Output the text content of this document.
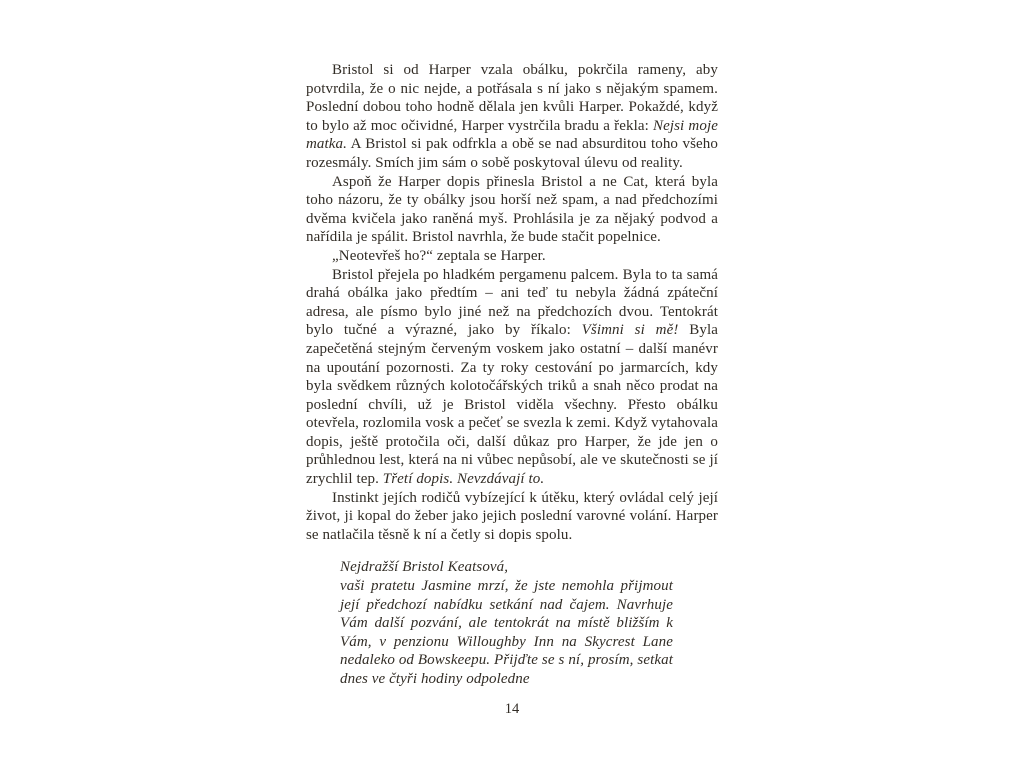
Bristol si od Harper vzala obálku, pokrčila rameny, aby potvrdila, že o nic nejde, a potřásala s ní jako s nějakým spamem. Poslední dobou toho hodně dělala jen kvůli Harper. Pokaždé, když to bylo až moc očividné, Harper vystrčila bradu a řekla: Nejsi moje matka. A Bristol si pak odfrkla a obě se nad absurditou toho všeho rozesmály. Smích jim sám o sobě poskytoval úlevu od reality.

Aspoň že Harper dopis přinesla Bristol a ne Cat, která byla toho názoru, že ty obálky jsou horší než spam, a nad předchozími dvěma kvičela jako raněná myš. Prohlásila je za nějaký podvod a nařídila je spálit. Bristol navrhla, že bude stačit popelnice.

„Neotevřeš ho?“ zeptala se Harper.

Bristol přejela po hladkém pergamenu palcem. Byla to ta samá drahá obálka jako předtím – ani teď tu nebyla žádná zpáteční adresa, ale písmo bylo jiné než na předchozích dvou. Tentokrát bylo tučné a výrazné, jako by říkalo: Všimni si mě! Byla zapečetěná stejným červeným voskem jako ostatní – další manévr na upoutání pozornosti. Za ty roky cestování po jarmarcích, kdy byla svědkem různých kolotočářských triků a snah něco prodat na poslední chvíli, už je Bristol viděla všechny. Přesto obálku otevřela, rozlomila vosk a pečeť se svezla k zemi. Když vytahovala dopis, ještě protočila oči, další důkaz pro Harper, že jde jen o průhlednou lest, která na ni vůbec nepůsobí, ale ve skutečnosti se jí zrychlil tep. Třetí dopis. Nevzdávají to.

Instinkt jejích rodičů vybízející k útěku, který ovládal celý její život, ji kopal do žeber jako jejich poslední varovné volání. Harper se natlačila těsně k ní a četly si dopis spolu.

Nejdražší Bristol Keatsová,

vaši pratetu Jasmine mrzí, že jste nemohla přijmout její předchozí nabídku setkání nad čajem. Navrhuje Vám další pozvání, ale tentokrát na místě bližším k Vám, v penzionu Willoughby Inn na Skycrest Lane nedaleko od Bowskeepu. Přijďte se s ní, prosím, setkat dnes ve čtyři hodiny odpoledne

14
